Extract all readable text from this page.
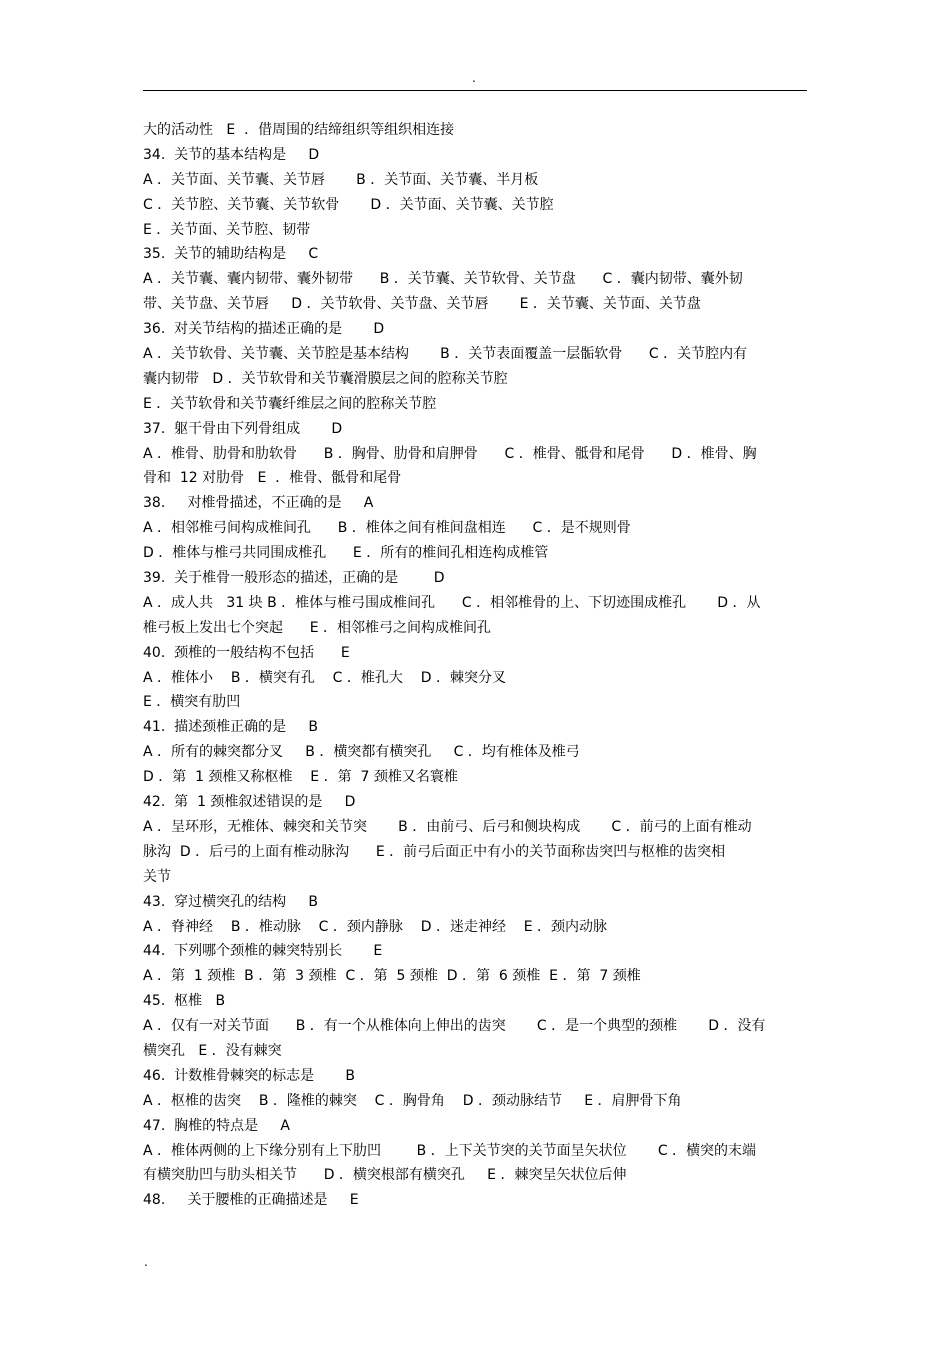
.
大的活动性   E  ．借周围的结缔组织等组织相连接
34.  关节的基本结构是     D
A ．关节面、关节囊、关节唇       B ．关节面、关节囊、半月板
C ．关节腔、关节囊、关节软骨       D ．关节面、关节囊、关节腔
E ．关节面、关节腔、韧带
35.  关节的辅助结构是     C
A ．关节囊、囊内韧带、囊外韧带      B ．关节囊、关节软骨、关节盘      C ．囊内韧带、囊外韧
带、关节盘、关节唇     D ．关节软骨、关节盘、关节唇       E ．关节囊、关节面、关节盘
36.  对关节结构的描述正确的是       D
A ．关节软骨、关节囊、关节腔是基本结构       B ．关节表面覆盖一层骺软骨      C ．关节腔内有
囊内韧带   D ．关节软骨和关节囊滑膜层之间的腔称关节腔
E ．关节软骨和关节囊纤维层之间的腔称关节腔
37.  躯干骨由下列骨组成       D
A ．椎骨、肋骨和肋软骨      B ．胸骨、肋骨和肩胛骨      C ．椎骨、骶骨和尾骨      D ．椎骨、胸
骨和  12 对肋骨   E  ．椎骨、骶骨和尾骨
38.     对椎骨描述，不正确的是     A
A ．相邻椎弓间构成椎间孔      B ．椎体之间有椎间盘相连      C ．是不规则骨
D ．椎体与椎弓共同围成椎孔      E ．所有的椎间孔相连构成椎管
39.  关于椎骨一般形态的描述，正确的是        D
A ．成人共   31 块 B ．椎体与椎弓围成椎间孔      C ．相邻椎骨的上、下切迹围成椎孔       D ．从
椎弓板上发出七个突起      E ．相邻椎弓之间构成椎间孔
40.  颈椎的一般结构不包括      E
A ．椎体小    B ．横突有孔    C ．椎孔大    D ．棘突分叉
E ．横突有肋凹
41.  描述颈椎正确的是     B
A ．所有的棘突都分叉     B ．横突都有横突孔     C ．均有椎体及椎弓
D ．第  1 颈椎又称枢椎    E ．第  7 颈椎又名寰椎
42.  第  1 颈椎叙述错误的是     D
A ．呈环形，无椎体、棘突和关节突       B ．由前弓、后弓和侧块构成       C ．前弓的上面有椎动
脉沟  D ．后弓的上面有椎动脉沟      E ．前弓后面正中有小的关节面称齿突凹与枢椎的齿突相
关节
43.  穿过横突孔的结构     B
A ．脊神经    B ．椎动脉    C ．颈内静脉    D ．迷走神经    E ．颈内动脉
44.  下列哪个颈椎的棘突特别长       E
A ．第  1 颈椎  B ．第  3 颈椎  C ．第  5 颈椎  D ．第  6 颈椎  E ．第  7 颈椎
45.  枢椎   B
A ．仅有一对关节面      B ．有一个从椎体向上伸出的齿突       C ．是一个典型的颈椎       D ．没有
横突孔   E ．没有棘突
46.  计数椎骨棘突的标志是       B
A ．枢椎的齿突    B ．隆椎的棘突    C ．胸骨角    D ．颈动脉结节     E ．肩胛骨下角
47.  胸椎的特点是     A
A ．椎体两侧的上下缘分别有上下肋凹        B ．上下关节突的关节面呈矢状位       C ．横突的末端
有横突肋凹与肋头相关节      D ．横突根部有横突孔     E ．棘突呈矢状位后伸
48.     关于腰椎的正确描述是     E
.
